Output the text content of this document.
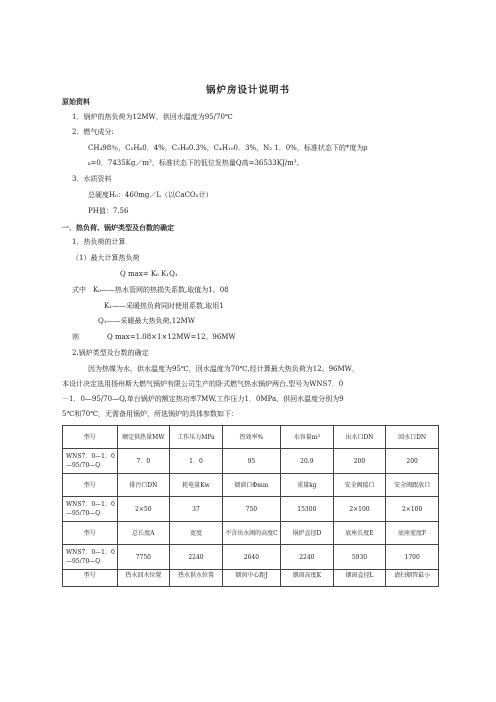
锅炉房设计说明书
原始资料
1．锅炉的热负荷为12MW，供回水温度为95/70℃
2．燃气成分:
CH₄98％，C₂H₆0．4%，C₃H₈0.3%，C₄H₁₀0．3%，N₂ 1．0%，标准状态下的*度为ρ
ₖ=0．7435Kg／m³，标准状态下的低位发热量Q高=36533KJ/m³。
3．水质资料
总硬度H₀：460mg／L（以CaCO₃计）
PH值：7.56
一．热负荷、锅炉类型及台数的确定
1．热负荷的计算
（1）最大计算热负荷
Q max= K₀ K₁Q₁
式中　K₀——热水管网的热损失系数,取值为1。08
K₁——采暖热负荷同时使用系数,取用1
Q₁——采暖最大热负荷,12MW
则　　　　Q max=1.08×1×12MW=12。96MW
2.锅炉类型及台数的确定
因为热媒为水，供水温度为95℃，回水温度为70℃,经计算最大热负荷为12。96MW，
本设计决定选用扬州斯大燃气锅炉有限公司生产的卧式燃气热水锅炉两台,型号为WNS7．0
－1．0—95/70—Q,单台锅炉的额定热功率7MW,工作压力1．0MPa，供回水温度分别为9
5℃和70℃，无需备用锅炉，所选锅炉的具体参数如下：
型号	额定供热量MW	工作压力MPa	热效率%	水容量m³	出水口DN	回水口DN
WNS7．0—1．0—95/70—Q	7．0	1．0	95	20.9	200	200
型号	排污口DN	耗电量Kw	烟窗口Φmm	重量kg	安全阀接口	安全阀跟放口
WNS7．0—1．0—95/70—Q	2×50	37	750	15300	2×100	2×100
型号	总长度A	宽度	不含出水阀的高度C	锅炉直径D	底座长度E	底座宽度F
WNS7．0—1．0—95/70—Q	7750	2240	2640	2240	5930	1700
型号	热水回水位置	热水供水位置	烟囱中心距J	烟窗高度K	烟窗直径L	请扫烟管最小
